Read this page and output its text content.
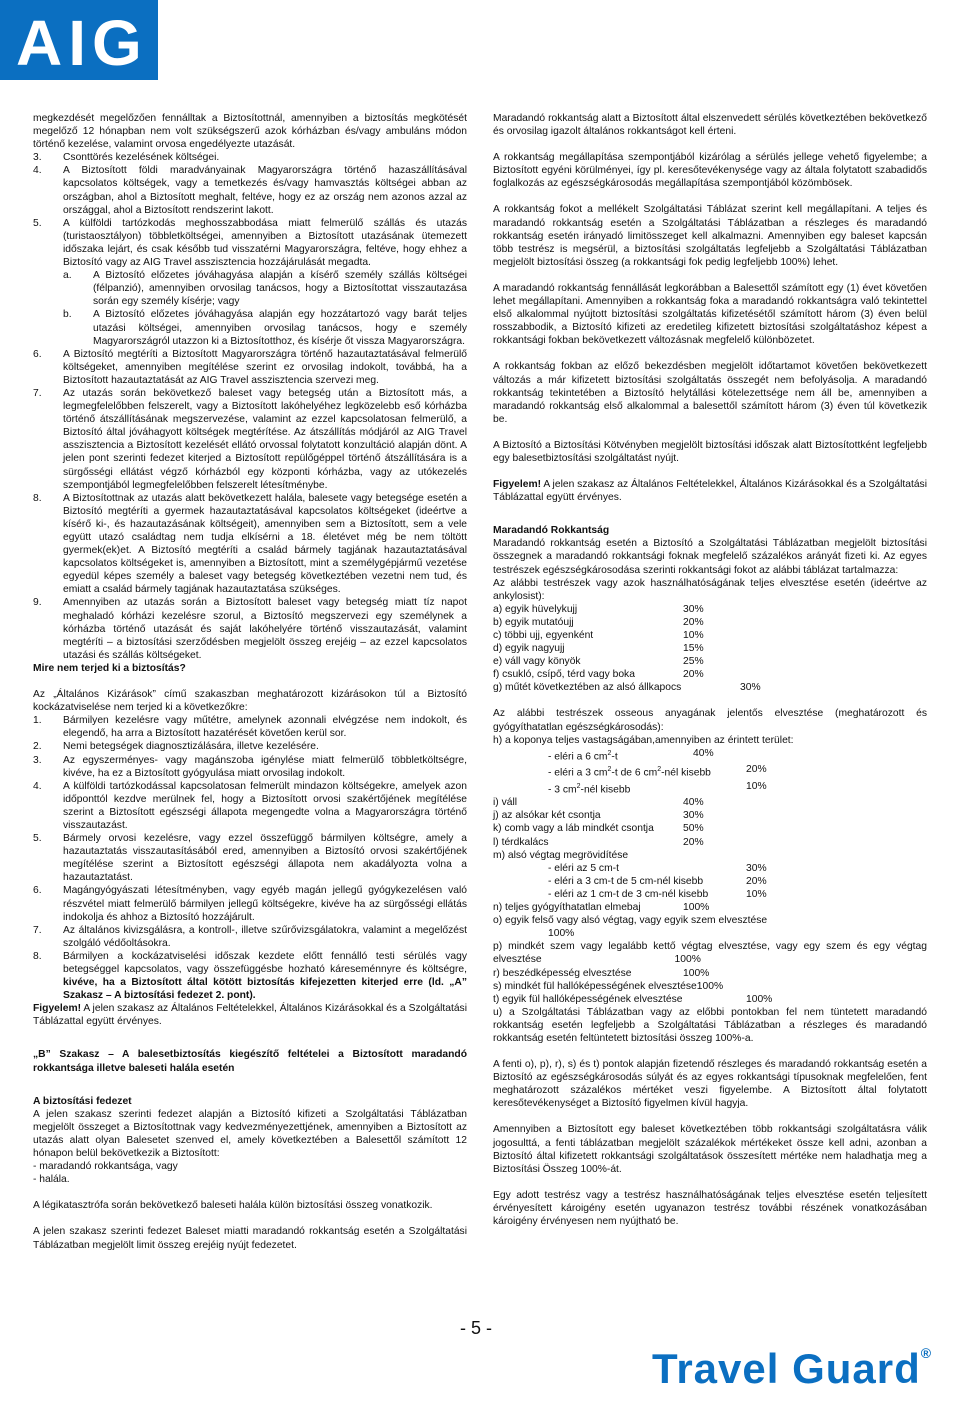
AIG

megkezdését megelőzően fennálltak a Biztosítottnál, amennyiben a biztosítás megkötését megelőző 12 hónapban nem volt szükségszerű azok kórházban és/vagy ambuláns módon történő kezelése, valamint orvosa engedélyezte utazását.

3. Csonttörés kezelésének költségei.
4. A Biztosított földi maradványainak Magyarországra történő hazaszállításával kapcsolatos költségek, vagy a temetkezés és/vagy hamvasztás költségei abban az országban, ahol a Biztosított meghalt, feltéve, hogy ez az ország nem azonos azzal az országgal, ahol a Biztosított rendszerint lakott.
5. A külföldi tartózkodás meghosszabbodása miatt felmerülő szállás és utazás (turistaosztályon) többletköltségei, amennyiben a Biztosított utazásának ütemezett időszaka lejárt, és csak később tud visszatérni Magyarországra, feltéve, hogy ehhez a Biztosító vagy az AIG Travel asszisztencia hozzájárulását megadta.
a. A Biztosító előzetes jóváhagyása alapján a kísérő személy szállás költségei (félpanzió), amennyiben orvosilag tanácsos, hogy a Biztosítottat visszautazása során egy személy kísérje; vagy
b. A Biztosító előzetes jóváhagyása alapján egy hozzátartozó vagy barát teljes utazási költségei, amennyiben orvosilag tanácsos, hogy e személy Magyarországról utazzon ki a Biztosítotthoz, és kísérje őt vissza Magyarországra.
6. A Biztosító megtéríti a Biztosított Magyarországra történő hazautaztatásával felmerülő költségeket, amennyiben megítélése szerint ez orvosilag indokolt, továbbá, ha a Biztosított hazautaztatását az AIG Travel asszisztencia szervezi meg.
7. Az utazás során bekövetkező baleset vagy betegség után a Biztosított más, a legmegfelelőbben felszerelt, vagy a Biztosított lakóhelyéhez legközelebb eső kórházba történő átszállításának megszervezése, valamint az ezzel kapcsolatosan felmerülő, a Biztosító által jóváhagyott költségek megtérítése. Az átszállítás módjáról az AIG Travel asszisztencia a Biztosított kezelését ellátó orvossal folytatott konzultáció alapján dönt. A jelen pont szerinti fedezet kiterjed a Biztosított repülőgéppel történő átszállítására is a sürgősségi ellátást végző kórházból egy központi kórházba, vagy az utókezelés szempontjából legmegfelelőbben felszerelt létesítménybe.
8. A Biztosítottnak az utazás alatt bekövetkezett halála, balesete vagy betegsége esetén a Biztosító megtéríti a gyermek hazautaztatásával kapcsolatos költségeket (ideértve a kísérő ki-, és hazautazásának költségeit), amennyiben sem a Biztosított, sem a vele együtt utazó családtag nem tudja elkísérni a 18. életévet még be nem töltött gyermek(ek)et. A Biztosító megtéríti a család bármely tagjának hazautaztatásával kapcsolatos költségeket is, amennyiben a Biztosított, mint a személygépjármű vezetése egyedül képes személy a baleset vagy betegség következtében vezetni nem tud, és emiatt a család bármely tagjának hazautaztatása szükséges.
9. Amennyiben az utazás során a Biztosított baleset vagy betegség miatt tíz napot meghaladó kórházi kezelésre szorul, a Biztosító megszervezi egy személynek a kórházba történő utazását és saját lakóhelyére történő visszautazását, valamint megtéríti – a biztosítási szerződésben megjelölt összeg erejéig – az ezzel kapcsolatos utazási és szállás költségeket.

Mire nem terjed ki a biztosítás?

Az „Általános Kizárások” című szakaszban meghatározott kizárásokon túl a Biztosító kockázatviselése nem terjed ki a következőkre:

1. Bármilyen kezelésre vagy műtétre, amelynek azonnali elvégzése nem indokolt, és elegendő, ha arra a Biztosított hazatérését követően kerül sor.
2. Nemi betegségek diagnosztizálására, illetve kezelésére.
3. Az egyszerményes- vagy magánszoba igénylése miatt felmerülő többletköltségre, kivéve, ha ez a Biztosított gyógyulása miatt orvosilag indokolt.
4. A külföldi tartózkodással kapcsolatosan felmerült mindazon költségekre, amelyek azon időponttól kezdve merülnek fel, hogy a Biztosított orvosi szakértőjének megítélése szerint a Biztosított egészségi állapota megengedte volna a Magyarországra történő visszautazást.
5. Bármely orvosi kezelésre, vagy ezzel összefüggő bármilyen költségre, amely a hazautaztatás visszautasításából ered, amennyiben a Biztosító orvosi szakértőjének megítélése szerint a Biztosított egészségi állapota nem akadályozta volna a hazautaztatást.
6. Magángyógyászati létesítményben, vagy egyéb magán jellegű gyógykezelésen való részvétel miatt felmerülő bármilyen jellegű költségekre, kivéve ha az sürgősségi ellátás indokolja és ahhoz a Biztosító hozzájárult.
7. Az általános kivizsgálásra, a kontroll-, illetve szűrővizsgálatokra, valamint a megelőzést szolgáló védőoltásokra.
8. Bármilyen a kockázatviselési időszak kezdete előtt fennálló testi sérülés vagy betegséggel kapcsolatos, vagy összefüggésbe hozható káreseménnyre és költségre, kivéve, ha a Biztosított által kötött biztosítás kifejezetten kiterjed erre (ld. „A” Szakasz – A biztosítási fedezet 2. pont).

Figyelem! A jelen szakasz az Általános Feltételekkel, Általános Kizárásokkal és a Szolgáltatási Táblázattal együtt érvényes.

„B” Szakasz – A balesetbiztosítás kiegészítő feltételei a Biztosított maradandó rokkantsága illetve baleseti halála esetén

A biztosítási fedezet

A jelen szakasz szerinti fedezet alapján a Biztosító kifizeti a Szolgáltatási Táblázatban megjelölt összeget a Biztosítottnak vagy kedvezményezettjének, amennyiben a Biztosított az utazás alatt olyan Balesetet szenved el, amely következtében a Balesettől számított 12 hónapon belül bekövetkezik a Biztosított:

- maradandó rokkantsága, vagy

- halála.

A légikatasztrófa során bekövetkező baleseti halála külön biztosítási összeg vonatkozik.

A jelen szakasz szerinti fedezet Baleset miatti maradandó rokkantság esetén a Szolgáltatási Táblázatban megjelölt limit összeg erejéig nyújt fedezetet.

Maradandó rokkantság alatt a Biztosított által elszenvedett sérülés következtében bekövetkező és orvosilag igazolt általános rokkantságot kell érteni.

A rokkantság megállapítása szempontjából kizárólag a sérülés jellege vehető figyelembe; a Biztosított egyéni körülményei, így pl. keresőtevékenysége vagy az általa folytatott szabadidős foglalkozás az egészségkárosodás megállapítása szempontjából közömbösek.

A rokkantság fokot a mellékelt Szolgáltatási Táblázat szerint kell megállapítani. A teljes és maradandó rokkantság esetén a Szolgáltatási Táblázatban a részleges és maradandó rokkantság esetén irányadó limitösszeget kell alkalmazni. Amennyiben egy baleset kapcsán több testrész is megsérül, a biztosítási szolgáltatás legfeljebb a Szolgáltatási Táblázatban megjelölt biztosítási összeg (a rokkantsági fok pedig legfeljebb 100%) lehet.

A maradandó rokkantság fennállását legkorábban a Balesettől számított egy (1) évet követően lehet megállapítani. Amennyiben a rokkantság foka a maradandó rokkantságra való tekintettel első alkalommal nyújtott biztosítási szolgáltatás kifizetésétől számított három (3) éven belül rosszabbodik, a Biztosító kifizeti az eredetileg kifizetett biztosítási szolgáltatáshoz képest a rokkantsági fokban bekövetkezett változásnak megfelelő különbözetet.

A rokkantság fokban az előző bekezdésben megjelölt időtartamot követően bekövetkezett változás a már kifizetett biztosítási szolgáltatás összegét nem befolyásolja. A maradandó rokkantság tekintetében a Biztosító helytállási kötelezettsége nem áll be, amennyiben a maradandó rokkantság első alkalommal a balesettől számított három (3) éven túl következik be.

A Biztosító a Biztosítási Kötvényben megjelölt biztosítási időszak alatt Biztosítottként legfeljebb egy balesetbiztosítási szolgáltatást nyújt.

Figyelem! A jelen szakasz az Általános Feltételekkel, Általános Kizárásokkal és a Szolgáltatási Táblázattal együtt érvényes.

Maradandó Rokkantság

Maradandó rokkantság esetén a Biztosító a Szolgáltatási Táblázatban megjelölt biztosítási összegnek a maradandó rokkantsági foknak megfelelő százalékos arányát fizeti ki. Az egyes testrészek egészségkárosodása szerinti rokkantsági fokot az alábbi táblázat tartalmazza:

Az alábbi testrészek vagy azok használhatóságának teljes elvesztése esetén (ideértve az ankylosist):

a) egyik hüvelykujj	30%
b) egyik mutatóujj	20%
c) többi ujj, egyenként	10%
d) egyik nagyujj	15%
e) váll vagy könyök	25%
f) csukló, csípő, térd vagy boka	20%
g) műtét következtében az alsó állkapocs	30%

Az alábbi testrészek osseous anyagának jelentős elvesztése (meghatározott és gyógyíthatatlan egészségkárosodás):

h) a koponya teljes vastagságában,amennyiben az érintett terület:

- eléri a 6 $cm^2-t$	40%
- eléri a 3 $cm^2-t$ de 6 $cm^2$-nél kisebb	20%
- 3 $cm^2$-nél kisebb	10%
i) váll	40%
j) az alsókar két csontja	30%
k) comb vagy a láb mindkét csontja	50%
l) térdkalács	20%

m) alsó végtag megrövidítése

- eléri az 5 cm-t	30%
- eléri a 3 cm-t de 5 cm-nél kisebb	20%
- eléri az 1 cm-t de 3 cm-nél kisebb	10%
n) teljes gyógyíthatatlan elmebaj	100%

o) egyik felső vagy alsó végtag, vagy egyik szem elvesztése
100%

p) mindkét szem vagy legalább kettő végtag elvesztése, vagy egy szem és egy végtag elvesztése	100%

r) beszédképesség elvesztése	100%

s) mindkét fül hallóképességének elvesztése100%

t) egyik fül hallóképességének elvesztése	100%

u) a Szolgáltatási Táblázatban vagy az előbbi pontokban fel nem tüntetett maradandó rokkantság esetén legfeljebb a Szolgáltatási Táblázatban a részleges és maradandó rokkantság esetén feltüntetett biztosítási összeg 100%-a.

A fenti o), p), r), s) és t) pontok alapján fizetendő részleges és maradandó rokkantság esetén a Biztosító az egészségkárosodás súlyát és az egyes rokkantsági típusoknak megfelelően, fent meghatározott százalékos mértéket veszi figyelembe. A Biztosított által folytatott keresőtevékenységet a Biztosító figyelmen kívül hagyja.

Amennyiben a Biztosított egy baleset következtében több rokkantsági szolgáltatásra válik jogosulttá, a fenti táblázatban megjelölt százalékok mértékeket össze kell adni, azonban a Biztosító által kifizetett rokkantsági szolgáltatások összesített mértéke nem haladhatja meg a Biztosítási Összeg 100%-át.

Egy adott testrész vagy a testrész használhatóságának teljes elvesztése esetén teljesített érvényesített károigény esetén ugyanazon testrész további részének vonatkozásában károigény érvényesen nem nyújtható be.

- 5 -
Travel Guard®
